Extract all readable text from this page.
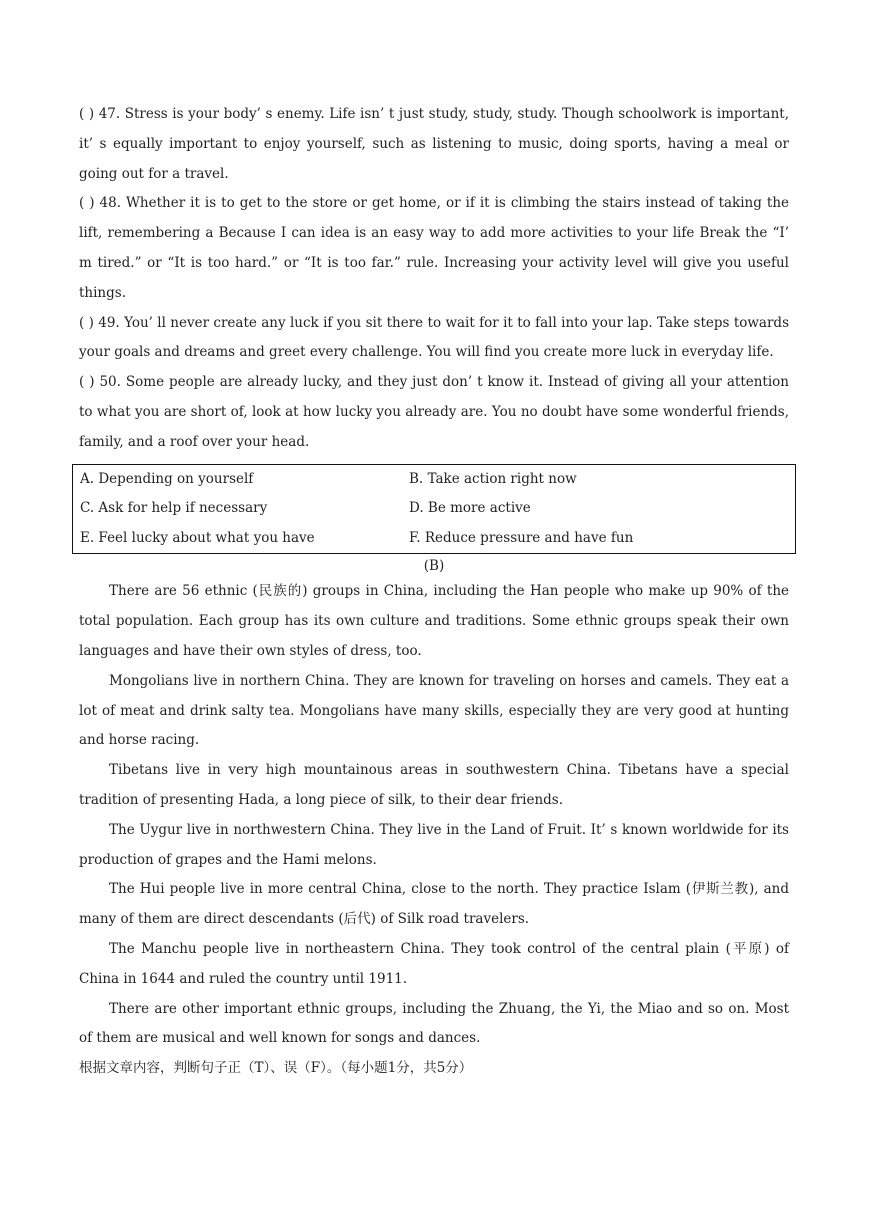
( ) 47. Stress is your body’ s enemy. Life isn’ t just study, study, study. Though schoolwork is important, it’ s equally important to enjoy yourself, such as listening to music, doing sports, having a meal or going out for a travel.

( ) 48. Whether it is to get to the store or get home, or if it is climbing the stairs instead of taking the lift, remembering a Because I can idea is an easy way to add more activities to your life Break the “I’ m tired.” or “It is too hard.” or “It is too far.” rule. Increasing your activity level will give you useful things.

( ) 49. You’ ll never create any luck if you sit there to wait for it to fall into your lap. Take steps towards your goals and dreams and greet every challenge. You will find you create more luck in everyday life.

( ) 50. Some people are already lucky, and they just don’ t know it. Instead of giving all your attention to what you are short of, look at how lucky you already are. You no doubt have some wonderful friends, family, and a roof over your head.

A. Depending on yourself	B. Take action right now
C. Ask for help if necessary	D. Be more active
E. Feel lucky about what you have	F. Reduce pressure and have fun

(B)

There are 56 ethnic (民族的) groups in China, including the Han people who make up 90% of the total population. Each group has its own culture and traditions. Some ethnic groups speak their own languages and have their own styles of dress, too.

Mongolians live in northern China. They are known for traveling on horses and camels. They eat a lot of meat and drink salty tea. Mongolians have many skills, especially they are very good at hunting and horse racing.

Tibetans live in very high mountainous areas in southwestern China. Tibetans have a special tradition of presenting Hada, a long piece of silk, to their dear friends.

The Uygur live in northwestern China. They live in the Land of Fruit. It’ s known worldwide for its production of grapes and the Hami melons.

The Hui people live in more central China, close to the north. They practice Islam (伊斯兰教), and many of them are direct descendants (后代) of Silk road travelers.

The Manchu people live in northeastern China. They took control of the central plain (平原) of China in 1644 and ruled the country until 1911.

There are other important ethnic groups, including the Zhuang, the Yi, the Miao and so on. Most of them are musical and well known for songs and dances.

根据文章内容，判断句子正（T）、误（F）。（每小题1分，共5分）
